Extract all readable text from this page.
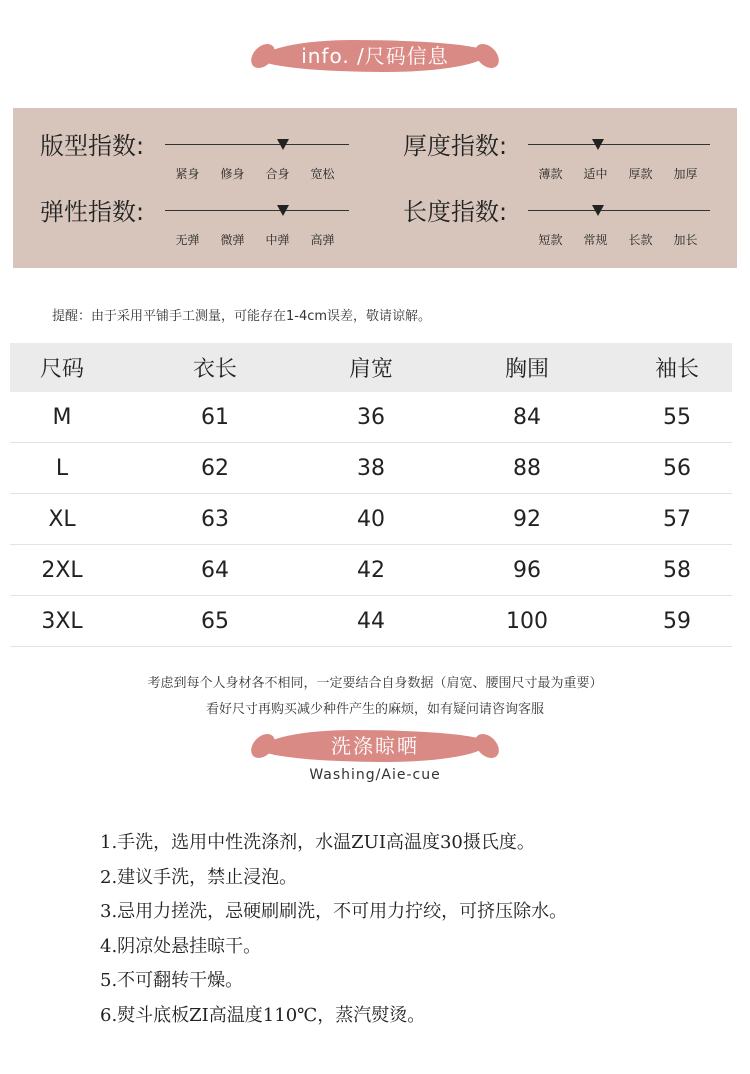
info. /尺码信息
版型指数:
紧身	修身	合身	宽松
厚度指数:
薄款	适中	厚款	加厚
弹性指数:
无弹	微弹	中弹	高弹
长度指数:
短款	常规	长款	加长
提醒：由于采用平铺手工测量，可能存在1-4cm误差，敬请谅解。
尺码	衣长	肩宽	胸围	袖长
M	61	36	84	55
L	62	38	88	56
XL	63	40	92	57
2XL	64	42	96	58
3XL	65	44	100	59
考虑到每个人身材各不相同，一定要结合自身数据（肩宽、腰围尺寸最为重要）
看好尺寸再购买减少种件产生的麻烦，如有疑问请咨询客服
洗涤晾晒
Washing/Aie-cue
1.手洗，选用中性洗涤剂，水温ZUI高温度30摄氏度。
2.建议手洗，禁止浸泡。
3.忌用力搓洗，忌硬刷刷洗，不可用力拧绞，可挤压除水。
4.阴凉处悬挂晾干。
5.不可翻转干燥。
6.熨斗底板ZI高温度110℃，蒸汽熨烫。
